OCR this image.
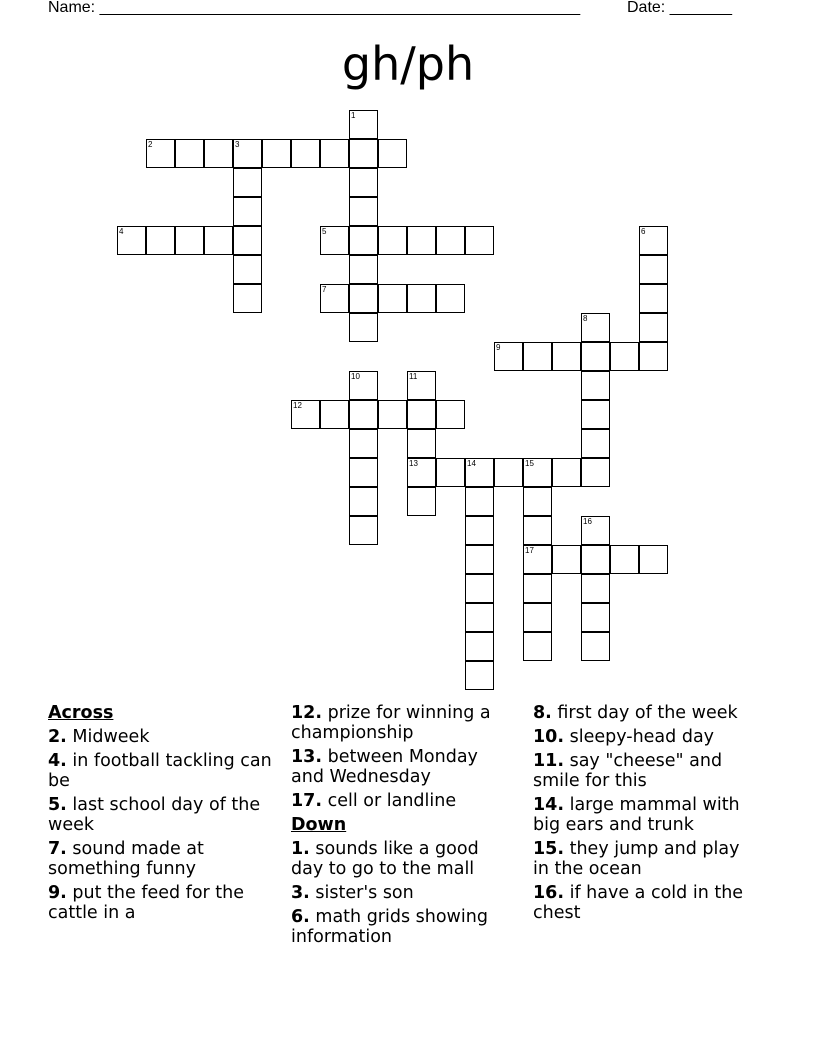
Name: ______________________________________________________	Date: _______
gh/ph
1
2	3
4	5	6
7
8
9
10	11
12
13	14	15
16
17
Across
2. Midweek
4. in football tackling can be
5. last school day of the week
7. sound made at something funny
9. put the feed for the cattle in a
12. prize for winning a championship
13. between Monday and Wednesday
17. cell or landline
Down
1. sounds like a good day to go to the mall
3. sister's son
6. math grids showing information
8. first day of the week
10. sleepy-head day
11. say "cheese" and smile for this
14. large mammal with big ears and trunk
15. they jump and play in the ocean
16. if have a cold in the chest
